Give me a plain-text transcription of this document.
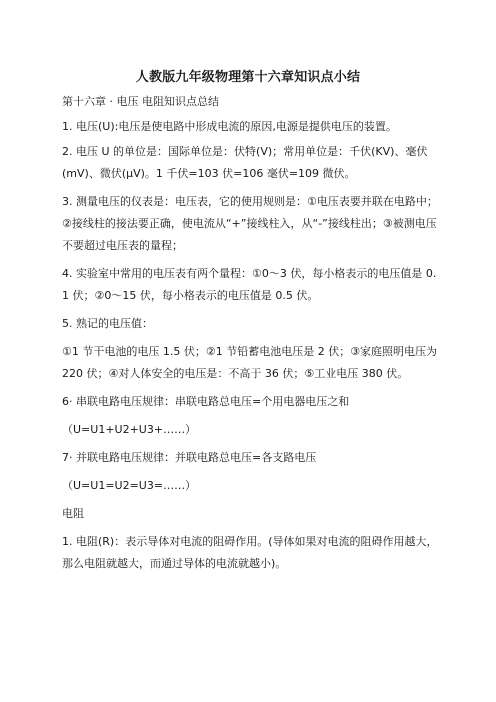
人教版九年级物理第十六章知识点小结

第十六章 · 电压 电阻知识点总结

1. 电压(U):电压是使电路中形成电流的原因,电源是提供电压的装置。

2. 电压 U 的单位是：国际单位是：伏特(V)；常用单位是：千伏(KV)、毫伏(mV)、微伏(μV)。1 千伏=103 伏=106 毫伏=109 微伏。

3. 测量电压的仪表是：电压表，它的使用规则是：①电压表要并联在电路中；②接线柱的接法要正确，使电流从“+”接线柱入，从“-”接线柱出；③被测电压不要超过电压表的量程；

4. 实验室中常用的电压表有两个量程：①0～3 伏，每小格表示的电压值是 0.1 伏；②0～15 伏，每小格表示的电压值是 0.5 伏。

5. 熟记的电压值：

①1 节干电池的电压 1.5 伏；②1 节铅蓄电池电压是 2 伏；③家庭照明电压为 220 伏；④对人体安全的电压是：不高于 36 伏；⑤工业电压 380 伏。

6· 串联电路电压规律：串联电路总电压=个用电器电压之和

（U=U1+U2+U3+……）

7· 并联电路电压规律：并联电路总电压=各支路电压

（U=U1=U2=U3=……）

电阻

1. 电阻(R)：表示导体对电流的阻碍作用。(导体如果对电流的阻碍作用越大，那么电阻就越大，而通过导体的电流就越小)。
